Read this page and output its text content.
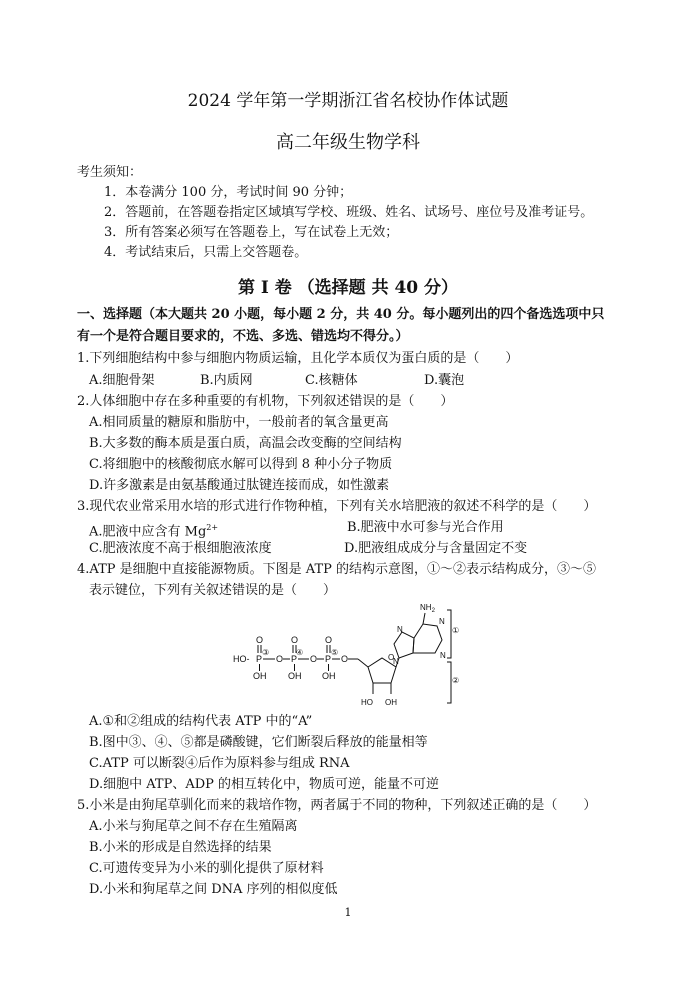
2024 学年第一学期浙江省名校协作体试题
高二年级生物学科
考生须知：
1．本卷满分 100 分，考试时间 90 分钟；
2．答题前，在答题卷指定区域填写学校、班级、姓名、试场号、座位号及准考证号。
3．所有答案必须写在答题卷上，写在试卷上无效；
4．考试结束后，只需上交答题卷。
第 I 卷 （选择题 共 40 分）
一、选择题（本大题共 20 小题，每小题 2 分，共 40 分。每小题列出的四个备选选项中只
有一个是符合题目要求的，不选、多选、错选均不得分。）
1.下列细胞结构中参与细胞内物质运输，且化学本质仅为蛋白质的是（　　）
A.细胞骨架	B.内质网	C.核糖体	D.囊泡
2.人体细胞中存在多种重要的有机物，下列叙述错误的是（　　）
A.相同质量的糖原和脂肪中，一般前者的氧含量更高
B.大多数的酶本质是蛋白质，高温会改变酶的空间结构
C.将细胞中的核酸彻底水解可以得到 8 种小分子物质
D.许多激素是由氨基酸通过肽键连接而成，如性激素
3.现代农业常采用水培的形式进行作物种植，下列有关水培肥液的叙述不科学的是（　　）
A.肥液中应含有 $Mg^{2+}$	B.肥液中水可参与光合作用
C.肥液浓度不高于根细胞液浓度	D.肥液组成成分与含量固定不变
4.ATP 是细胞中直接能源物质。下图是 ATP 的结构示意图，①～②表示结构成分，③～⑤
表示键位，下列有关叙述错误的是（　　）
HO- P
O
OH
O P
O
OH
O P
O
OH
O
③	④	⑤
O
$NH_2$
N
N
N
N
HO OH
①
②
A.①和②组成的结构代表 ATP 中的“A”
B.图中③、④、⑤都是磷酸键，它们断裂后释放的能量相等
C.ATP 可以断裂④后作为原料参与组成 RNA
D.细胞中 ATP、ADP 的相互转化中，物质可逆，能量不可逆
5.小米是由狗尾草驯化而来的栽培作物，两者属于不同的物种，下列叙述正确的是（　　）
A.小米与狗尾草之间不存在生殖隔离
B.小米的形成是自然选择的结果
C.可遗传变异为小米的驯化提供了原材料
D.小米和狗尾草之间 DNA 序列的相似度低
1
